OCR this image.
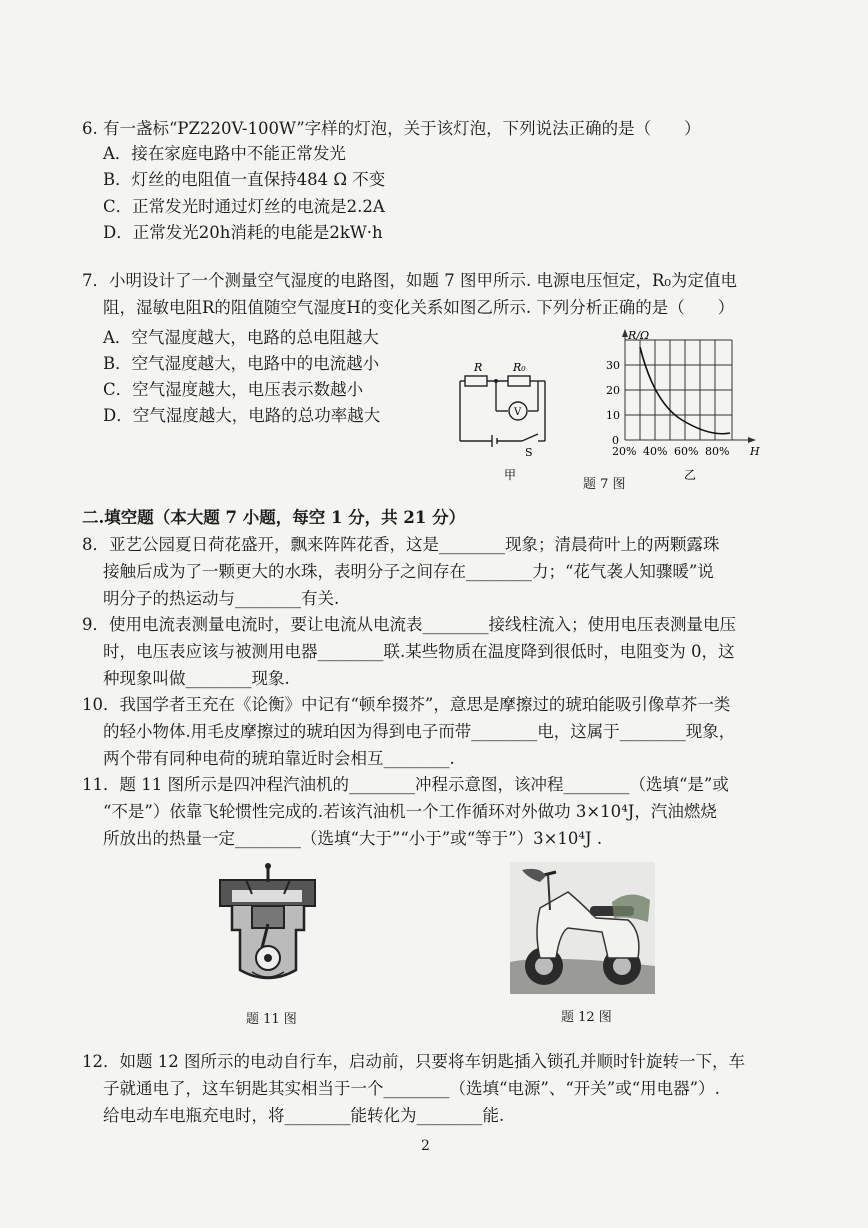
6. 有一盏标“PZ220V-100W”字样的灯泡，关于该灯泡，下列说法正确的是（　　）
A．接在家庭电路中不能正常发光
B．灯丝的电阻值一直保持484 Ω 不变
C．正常发光时通过灯丝的电流是2.2A
D．正常发光20h消耗的电能是2kW·h
7．小明设计了一个测量空气湿度的电路图，如题 7 图甲所示. 电源电压恒定，R₀为定值电
阻，湿敏电阻R的阻值随空气湿度H的变化关系如图乙所示. 下列分析正确的是（　　）
A．空气湿度越大，电路的总电阻越大
B．空气湿度越大，电路中的电流越小
C．空气湿度越大，电压表示数越小
D．空气湿度越大，电路的总功率越大
R	R₀
V
S
甲
R/Ω
H
0
10
20
30
20% 40% 60% 80%
乙
题 7 图
二.填空题（本大题 7 小题，每空 1 分，共 21 分）
8．亚艺公园夏日荷花盛开，飘来阵阵花香，这是________现象；清晨荷叶上的两颗露珠
接触后成为了一颗更大的水珠，表明分子之间存在________力；“花气袭人知骤暖”说
明分子的热运动与________有关.
9．使用电流表测量电流时，要让电流从电流表________接线柱流入；使用电压表测量电压
时，电压表应该与被测用电器________联.某些物质在温度降到很低时，电阻变为 0，这
种现象叫做________现象.
10．我国学者王充在《论衡》中记有“顿牟掇芥”，意思是摩擦过的琥珀能吸引像草芥一类
的轻小物体.用毛皮摩擦过的琥珀因为得到电子而带________电，这属于________现象，
两个带有同种电荷的琥珀靠近时会相互________.
11．题 11 图所示是四冲程汽油机的________冲程示意图，该冲程________（选填“是”或
“不是”）依靠飞轮惯性完成的.若该汽油机一个工作循环对外做功 3×10⁴J，汽油燃烧
所放出的热量一定________（选填“大于”“小于”或“等于”）3×10⁴J .
题 11 图	题 12 图
12．如题 12 图所示的电动自行车，启动前，只要将车钥匙插入锁孔并顺时针旋转一下，车
子就通电了，这车钥匙其实相当于一个________（选填“电源”、“开关”或“用电器”）.
给电动车电瓶充电时，将________能转化为________能.
2
